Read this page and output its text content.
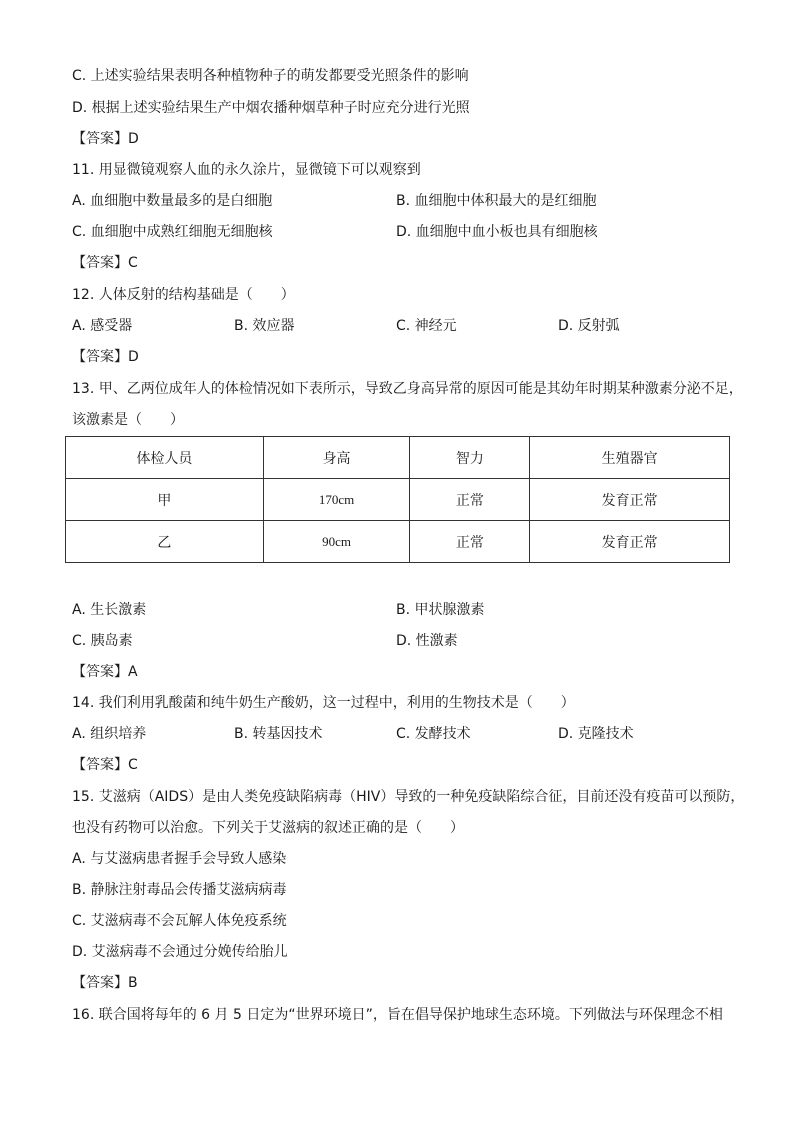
C. 上述实验结果表明各种植物种子的萌发都要受光照条件的影响
D. 根据上述实验结果生产中烟农播种烟草种子时应充分进行光照
【答案】D
11. 用显微镜观察人血的永久涂片，显微镜下可以观察到
A. 血细胞中数量最多的是白细胞	B. 血细胞中体积最大的是红细胞
C. 血细胞中成熟红细胞无细胞核	D. 血细胞中血小板也具有细胞核
【答案】C
12. 人体反射的结构基础是（　　）
A. 感受器	B. 效应器	C. 神经元	D. 反射弧
【答案】D
13. 甲、乙两位成年人的体检情况如下表所示，导致乙身高异常的原因可能是其幼年时期某种激素分泌不足，
该激素是（　　）
体检人员	身高	智力	生殖器官
甲	170cm	正常	发育正常
乙	90cm	正常	发育正常
A. 生长激素	B. 甲状腺激素
C. 胰岛素	D. 性激素
【答案】A
14. 我们利用乳酸菌和纯牛奶生产酸奶，这一过程中，利用的生物技术是（　　）
A. 组织培养	B. 转基因技术	C. 发酵技术	D. 克隆技术
【答案】C
15. 艾滋病（AIDS）是由人类免疫缺陷病毒（HIV）导致的一种免疫缺陷综合征，目前还没有疫苗可以预防，
也没有药物可以治愈。下列关于艾滋病的叙述正确的是（　　）
A. 与艾滋病患者握手会导致人感染
B. 静脉注射毒品会传播艾滋病病毒
C. 艾滋病毒不会瓦解人体免疫系统
D. 艾滋病毒不会通过分娩传给胎儿
【答案】B
16. 联合国将每年的 6 月 5 日定为“世界环境日”，旨在倡导保护地球生态环境。下列做法与环保理念不相
